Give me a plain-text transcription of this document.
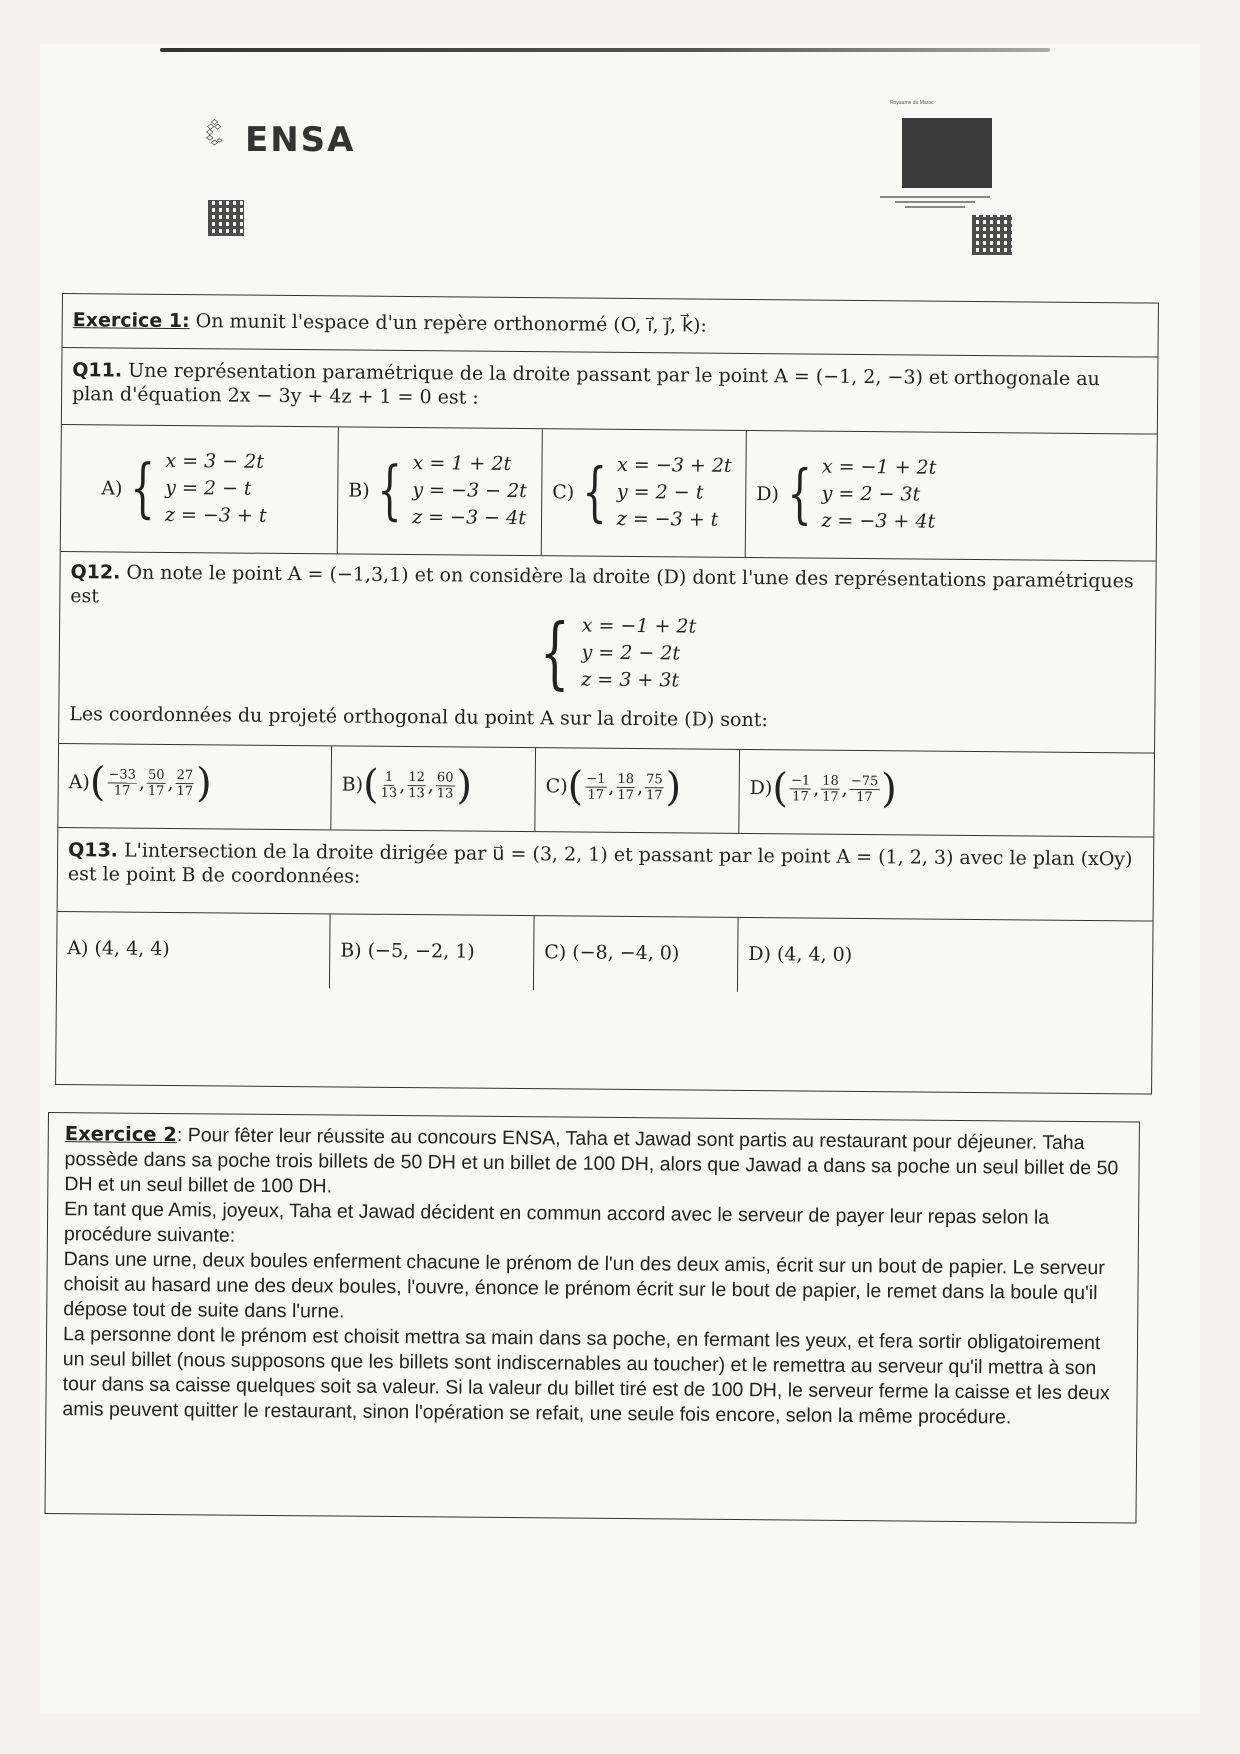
ENSA
Royaume du Maroc
Exercice 1: On munit l'espace d'un repère orthonormé (O, i⃗, j⃗, k⃗):
Q11. Une représentation paramétrique de la droite passant par le point A = (−1, 2, −3) et orthogonale au plan d'équation 2x − 3y + 4z + 1 = 0 est :
A) { x = 3 − 2t
y = 2 − t
z = −3 + t
B) { x = 1 + 2t
y = −3 − 2t
z = −3 − 4t
C) { x = −3 + 2t
y = 2 − t
z = −3 + t
D) { x = −1 + 2t
y = 2 − 3t
z = −3 + 4t
Q12. On note le point A = (−1,3,1) et on considère la droite (D) dont l'une des représentations paramétriques est
{ x = −1 + 2t
y = 2 − 2t
z = 3 + 3t
Les coordonnées du projeté orthogonal du point A sur la droite (D) sont:
A) ( $\frac{-33}{17}$ , $\frac{50}{17}$ , $\frac{27}{17}$ )	B) ( $\frac{1}{13}$ , $\frac{12}{13}$ , $\frac{60}{13}$ )	C) ( $\frac{-1}{17}$ , $\frac{18}{17}$ , $\frac{75}{17}$ )	D) ( $\frac{-1}{17}$ , $\frac{18}{17}$ , $\frac{-75}{17}$ )
Q13. L'intersection de la droite dirigée par u⃗ = (3, 2, 1) et passant par le point A = (1, 2, 3) avec le plan (xOy) est le point B de coordonnées:
A) (4, 4, 4)	B) (−5, −2, 1)	C) (−8, −4, 0)	D) (4, 4, 0)

Exercice 2: Pour fêter leur réussite au concours ENSA, Taha et Jawad sont partis au restaurant pour déjeuner. Taha possède dans sa poche trois billets de 50 DH et un billet de 100 DH, alors que Jawad a dans sa poche un seul billet de 50 DH et un seul billet de 100 DH.

En tant que Amis, joyeux, Taha et Jawad décident en commun accord avec le serveur de payer leur repas selon la procédure suivante:

Dans une urne, deux boules enferment chacune le prénom de l'un des deux amis, écrit sur un bout de papier. Le serveur choisit au hasard une des deux boules, l'ouvre, énonce le prénom écrit sur le bout de papier, le remet dans la boule qu'il dépose tout de suite dans l'urne.

La personne dont le prénom est choisit mettra sa main dans sa poche, en fermant les yeux, et fera sortir obligatoirement un seul billet (nous supposons que les billets sont indiscernables au toucher) et le remettra au serveur qu'il mettra à son tour dans sa caisse quelques soit sa valeur. Si la valeur du billet tiré est de 100 DH, le serveur ferme la caisse et les deux amis peuvent quitter le restaurant, sinon l'opération se refait, une seule fois encore, selon la même procédure.
